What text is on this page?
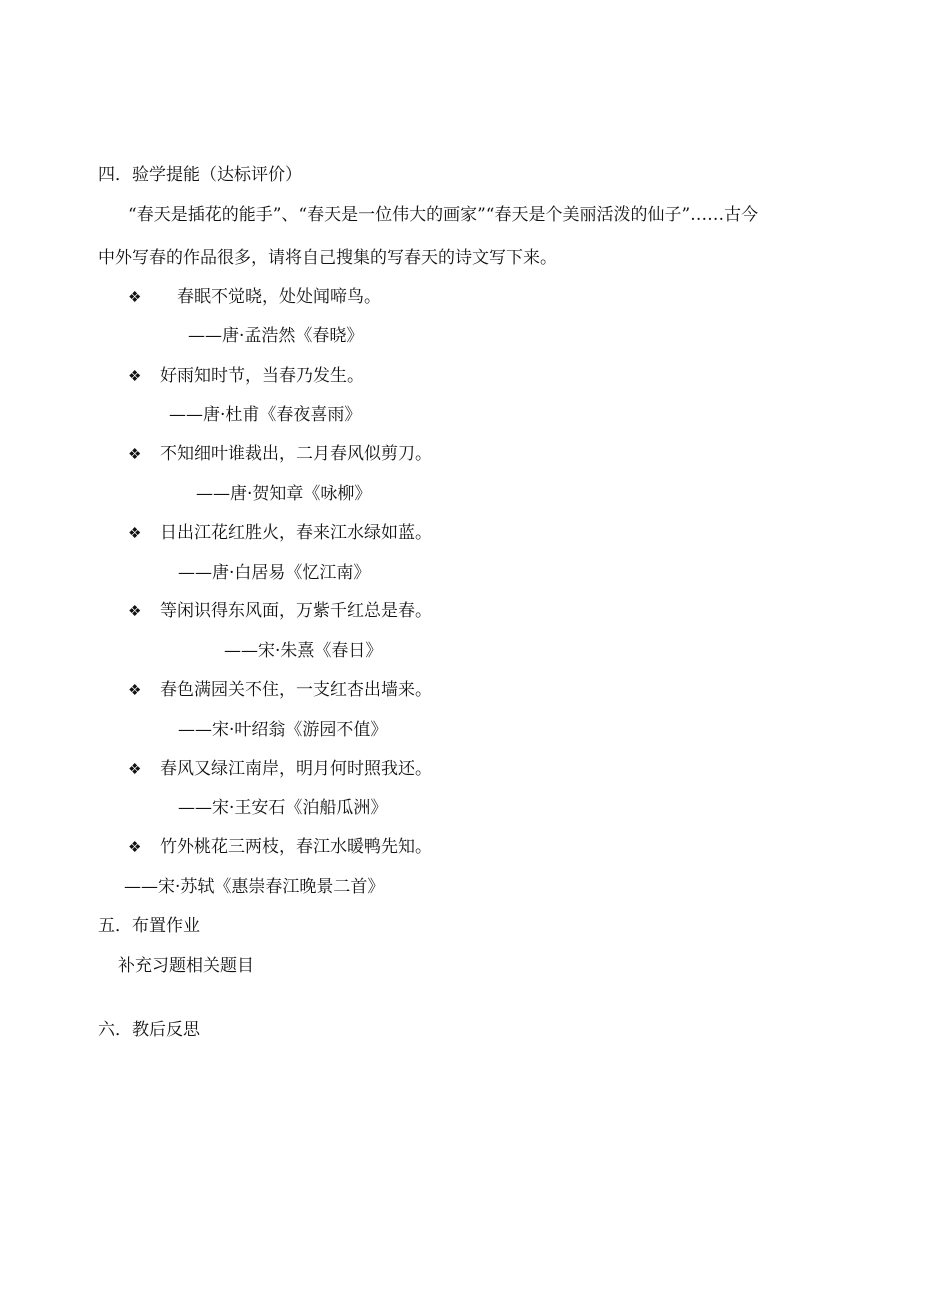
四．验学提能（达标评价）
“春天是插花的能手”、“春天是一位伟大的画家”“春天是个美丽活泼的仙子”……古今
中外写春的作品很多，请将自己搜集的写春天的诗文写下来。
❖ 春眠不觉晓，处处闻啼鸟。
——唐·孟浩然《春晓》
❖ 好雨知时节，当春乃发生。
——唐·杜甫《春夜喜雨》
❖ 不知细叶谁裁出，二月春风似剪刀。
——唐·贺知章《咏柳》
❖ 日出江花红胜火，春来江水绿如蓝。
——唐·白居易《忆江南》
❖ 等闲识得东风面，万紫千红总是春。
——宋·朱熹《春日》
❖ 春色满园关不住，一支红杏出墙来。
——宋·叶绍翁《游园不值》
❖ 春风又绿江南岸，明月何时照我还。
——宋·王安石《泊船瓜洲》
❖ 竹外桃花三两枝，春江水暖鸭先知。
——宋·苏轼《惠崇春江晚景二首》
五．布置作业
补充习题相关题目
六．教后反思
